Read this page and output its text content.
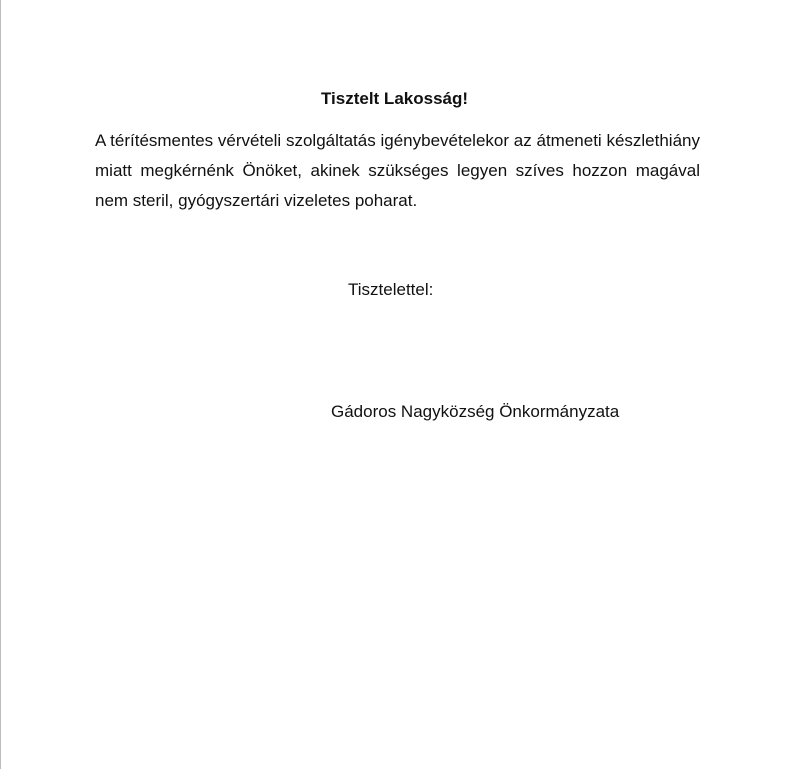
Tisztelt Lakosság!
A térítésmentes vérvételi szolgáltatás igénybevételekor az átmeneti készlethiány miatt megkérnénk Önöket, akinek szükséges legyen szíves hozzon magával nem steril, gyógyszertári vizeletes poharat.
Tisztelettel:
Gádoros Nagyközség Önkormányzata
